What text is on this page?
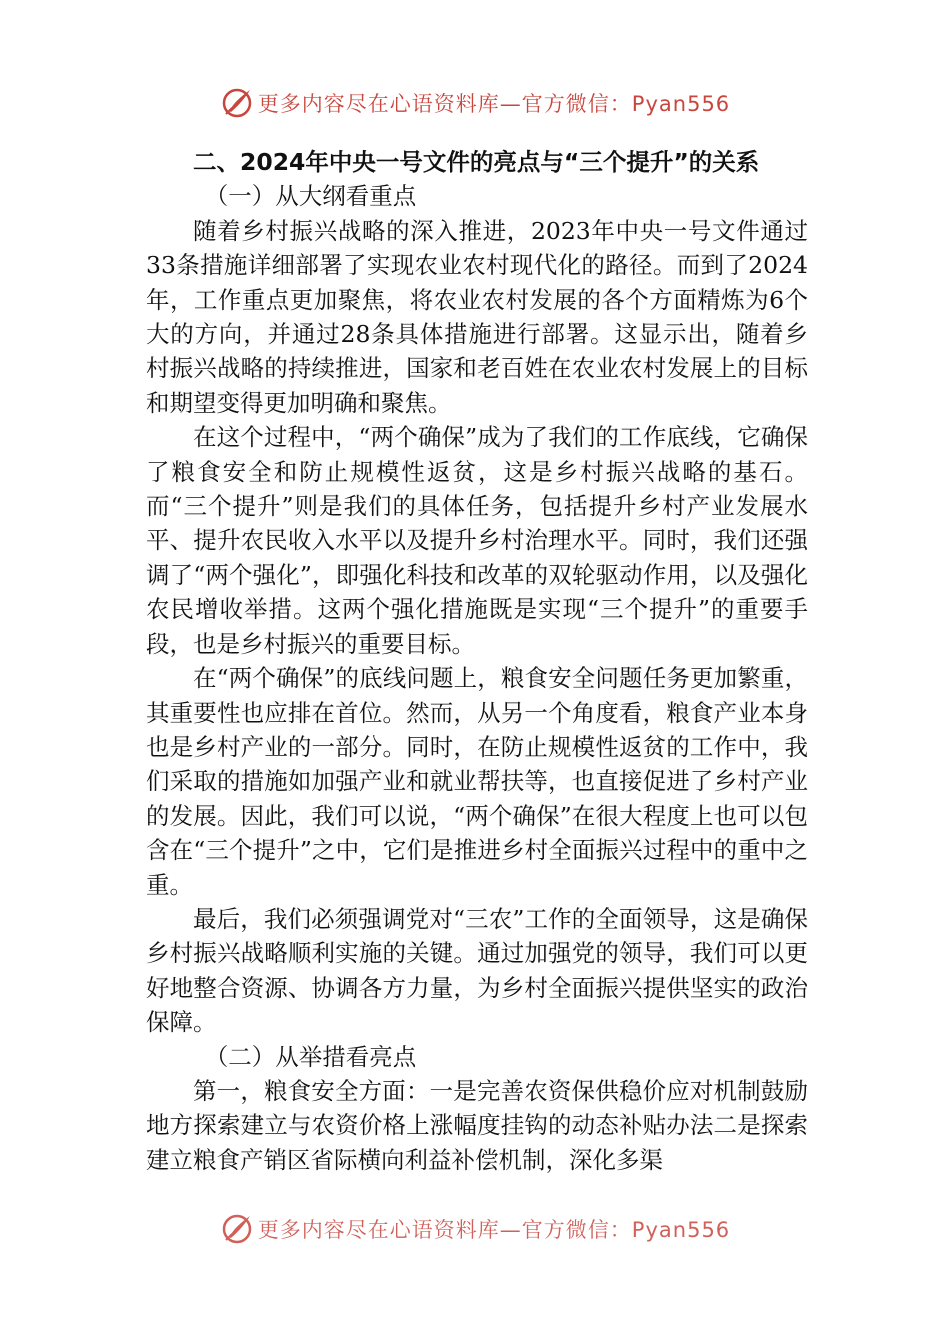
更多内容尽在心语资料库—官方微信：Pyan556
二、2024年中央一号文件的亮点与“三个提升”的关系
（一）从大纲看重点

随着乡村振兴战略的深入推进，2023年中央一号文件通过33条措施详细部署了实现农业农村现代化的路径。而到了2024年，工作重点更加聚焦，将农业农村发展的各个方面精炼为6个大的方向，并通过28条具体措施进行部署。这显示出，随着乡村振兴战略的持续推进，国家和老百姓在农业农村发展上的目标和期望变得更加明确和聚焦。

在这个过程中，“两个确保”成为了我们的工作底线，它确保了粮食安全和防止规模性返贫，这是乡村振兴战略的基石。而“三个提升”则是我们的具体任务，包括提升乡村产业发展水平、提升农民收入水平以及提升乡村治理水平。同时，我们还强调了“两个强化”，即强化科技和改革的双轮驱动作用，以及强化农民增收举措。这两个强化措施既是实现“三个提升”的重要手段，也是乡村振兴的重要目标。

在“两个确保”的底线问题上，粮食安全问题任务更加繁重，其重要性也应排在首位。然而，从另一个角度看，粮食产业本身也是乡村产业的一部分。同时，在防止规模性返贫的工作中，我们采取的措施如加强产业和就业帮扶等，也直接促进了乡村产业的发展。因此，我们可以说，“两个确保”在很大程度上也可以包含在“三个提升”之中，它们是推进乡村全面振兴过程中的重中之重。

最后，我们必须强调党对“三农”工作的全面领导，这是确保乡村振兴战略顺利实施的关键。通过加强党的领导，我们可以更好地整合资源、协调各方力量，为乡村全面振兴提供坚实的政治保障。

（二）从举措看亮点

第一，粮食安全方面：一是完善农资保供稳价应对机制鼓励地方探索建立与农资价格上涨幅度挂钩的动态补贴办法二是探索建立粮食产销区省际横向利益补偿机制，深化多渠

更多内容尽在心语资料库—官方微信：Pyan556
